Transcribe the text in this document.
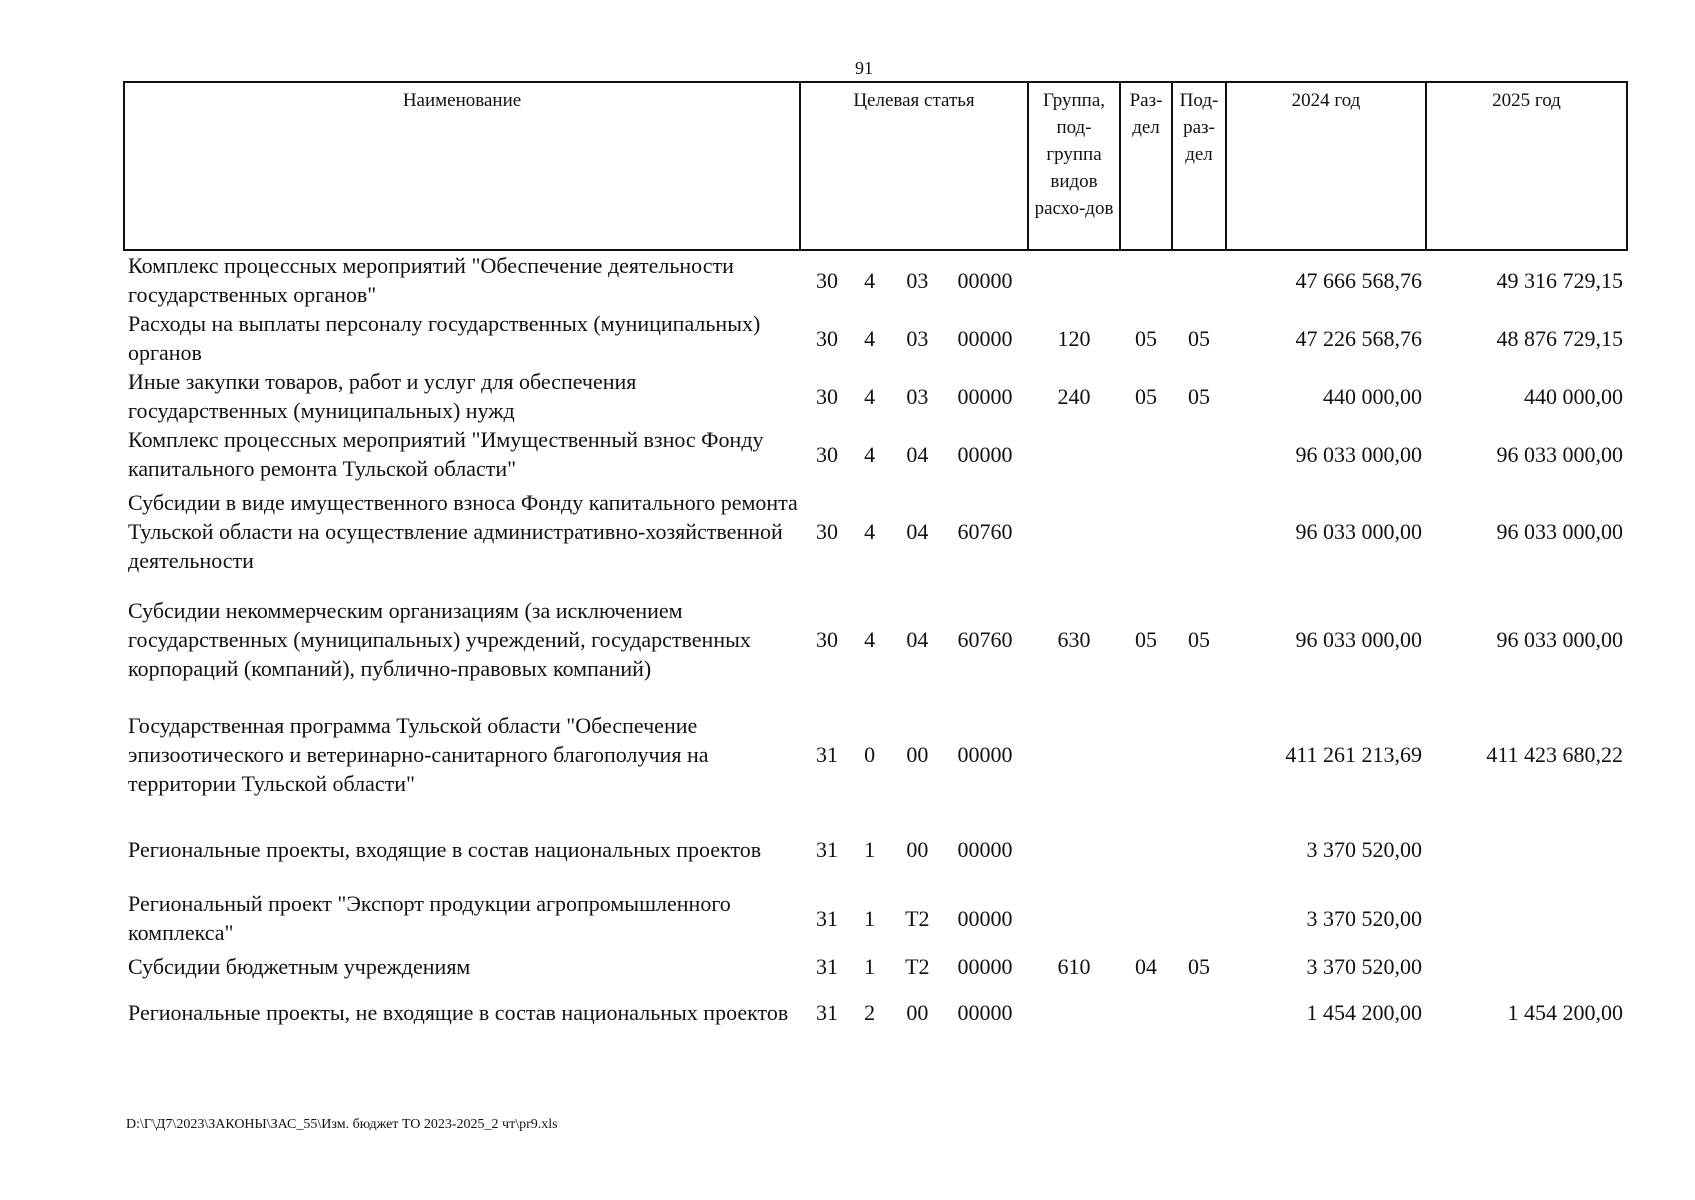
91
Наименование	Целевая статья	Группа, под-группа видов расхо-дов	Раз-дел	Под-раз-дел	2024 год	2025 год
Комплекс процессных мероприятий "Обеспечение деятельности государственных органов"	30 4 03 00000				47 666 568,76	49 316 729,15
Расходы на выплаты персоналу государственных (муниципальных) органов	30 4 03 00000	120	05	05	47 226 568,76	48 876 729,15
Иные закупки товаров, работ и услуг для обеспечения государственных (муниципальных) нужд	30 4 03 00000	240	05	05	440 000,00	440 000,00
Комплекс процессных мероприятий "Имущественный взнос Фонду капитального ремонта Тульской области"	30 4 04 00000				96 033 000,00	96 033 000,00
Субсидии в виде имущественного взноса Фонду капитального ремонта Тульской области на осуществление административно-хозяйственной деятельности	30 4 04 60760				96 033 000,00	96 033 000,00
Субсидии некоммерческим организациям (за исключением государственных (муниципальных) учреждений, государственных корпораций (компаний), публично-правовых компаний)	30 4 04 60760	630	05	05	96 033 000,00	96 033 000,00
Государственная программа Тульской области "Обеспечение эпизоотического и ветеринарно-санитарного благополучия на территории Тульской области"	31 0 00 00000				411 261 213,69	411 423 680,22
Региональные проекты, входящие в состав национальных проектов	31 1 00 00000				3 370 520,00	
Региональный проект "Экспорт продукции агропромышленного комплекса"	31 1 Т2 00000				3 370 520,00	
Субсидии бюджетным учреждениям	31 1 Т2 00000	610	04	05	3 370 520,00	
Региональные проекты, не входящие в состав национальных проектов	31 2 00 00000				1 454 200,00	1 454 200,00
D:\Г\Д7\2023\ЗАКОНЫ\ЗАС_55\Изм. бюджет ТО 2023-2025_2 чт\pr9.xls
